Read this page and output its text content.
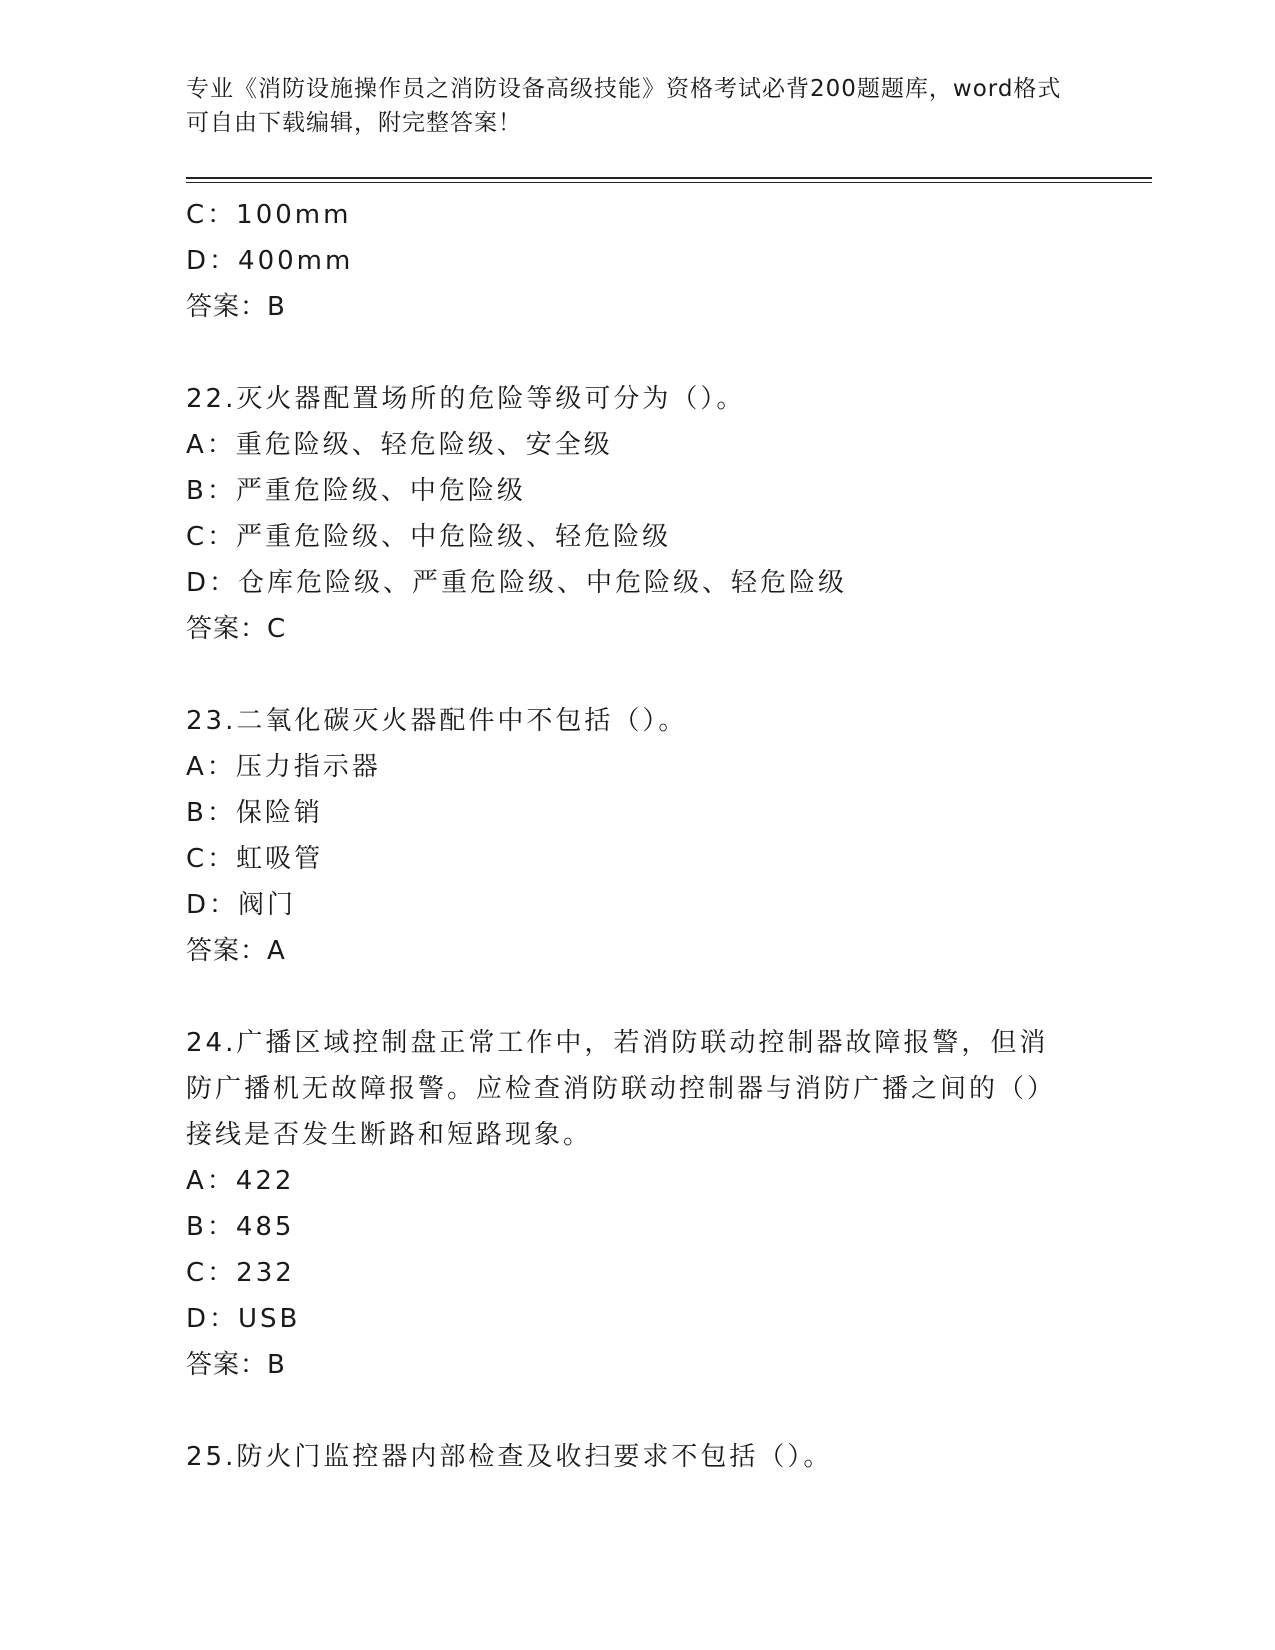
专业《消防设施操作员之消防设备高级技能》资格考试必背200题题库，word格式可自由下载编辑，附完整答案！
C：100mm
D：400mm
答案：B
22.灭火器配置场所的危险等级可分为（）。
A：重危险级、轻危险级、安全级
B：严重危险级、中危险级
C：严重危险级、中危险级、轻危险级
D：仓库危险级、严重危险级、中危险级、轻危险级
答案：C
23.二氧化碳灭火器配件中不包括（）。
A：压力指示器
B：保险销
C：虹吸管
D：阀门
答案：A
24.广播区域控制盘正常工作中，若消防联动控制器故障报警，但消防广播机无故障报警。应检查消防联动控制器与消防广播之间的（）接线是否发生断路和短路现象。
A：422
B：485
C：232
D：USB
答案：B
25.防火门监控器内部检查及收扫要求不包括（）。
